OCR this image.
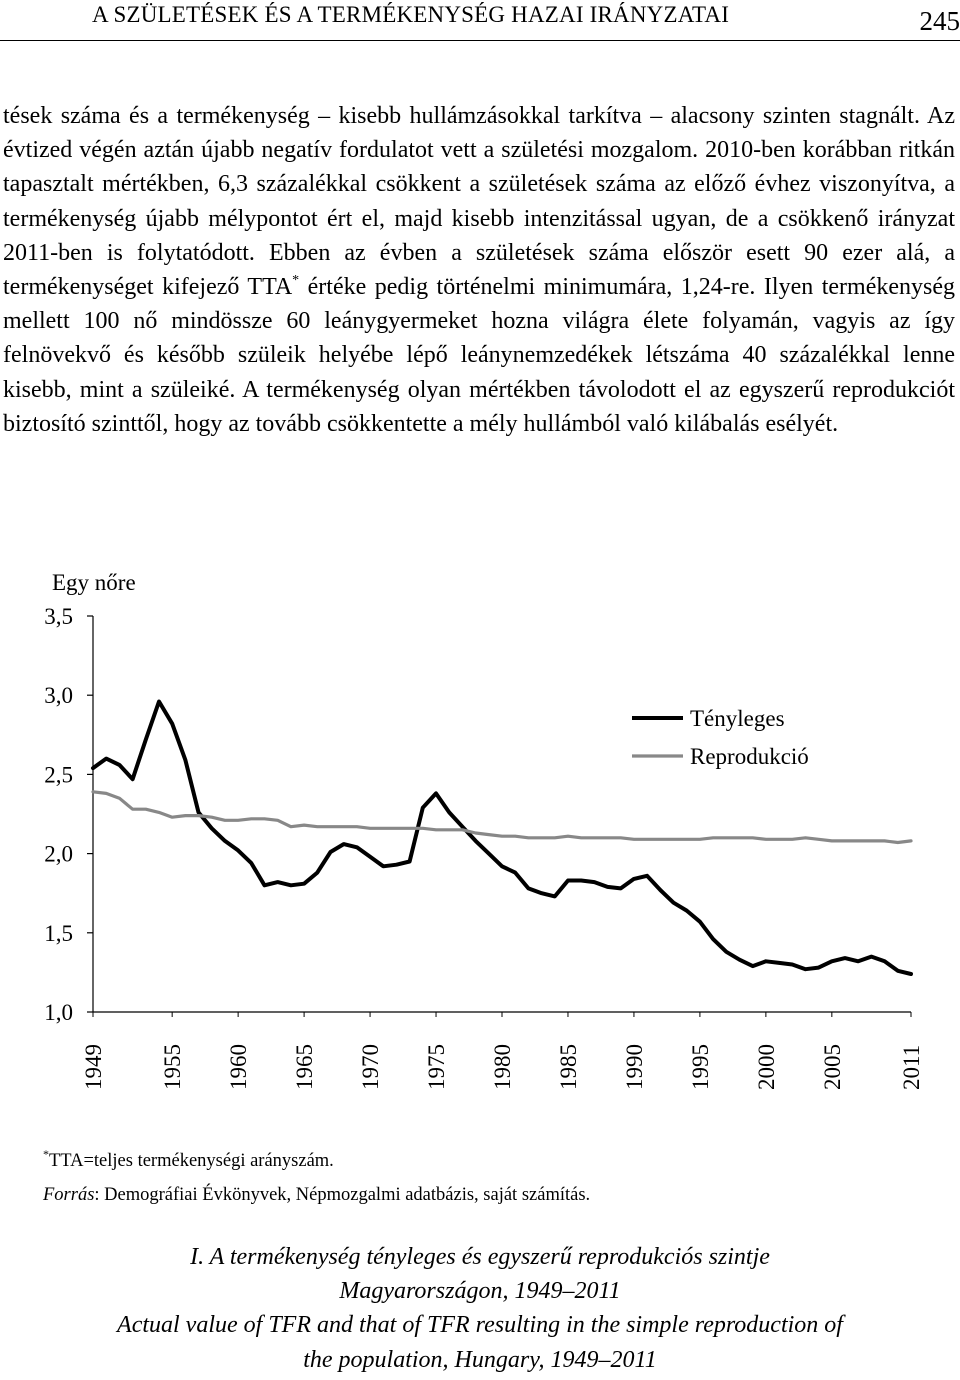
A SZÜLETÉSEK ÉS A TERMÉKENYSÉG HAZAI IRÁNYZATAI	245

tések száma és a termékenység – kisebb hullámzásokkal tarkítva – alacsony szinten stagnált. Az évtized végén aztán újabb negatív fordulatot vett a születési mozgalom. 2010-ben korábban ritkán tapasztalt mértékben, 6,3 százalékkal csökkent a születések száma az előző évhez viszonyítva, a termékenység újabb mélypontot ért el, majd kisebb intenzitással ugyan, de a csökkenő irányzat 2011-ben is folytatódott. Ebben az évben a születések száma először esett 90 ezer alá, a termékenységet kifejező TTA* értéke pedig történelmi minimumára, 1,24-re. Ilyen termékenység mellett 100 nő mindössze 60 leánygyermeket hozna világra élete folyamán, vagyis az így felnövekvő és később szüleik helyébe lépő leánynemzedékek létszáma 40 százalékkal lenne kisebb, mint a szüleiké. A termékenység olyan mértékben távolodott el az egyszerű reprodukciót biztosító szinttől, hogy az tovább csökkentette a mély hullámból való kilábalás esélyét.

Egy nőre
3,5
3,0
2,5
2,0
1,5
1,0
1949 1955 1960 1965 1970 1975 1980 1985 1990 1995 2000 2005 2011
Tényleges
Reprodukció
*TTA=teljes termékenységi arányszám.
Forrás: Demográfiai Évkönyvek, Népmozgalmi adatbázis, saját számítás.
I. A termékenység tényleges és egyszerű reprodukciós szintje
Magyarországon, 1949–2011
Actual value of TFR and that of TFR resulting in the simple reproduction of
the population, Hungary, 1949–2011
